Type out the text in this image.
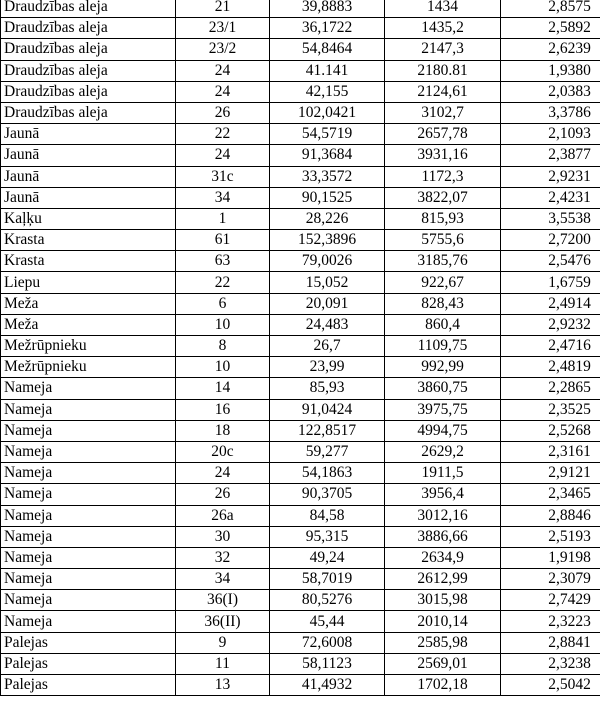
Draudzības aleja	21	39,8883	1434	2,8575
Draudzības aleja	23/1	36,1722	1435,2	2,5892
Draudzības aleja	23/2	54,8464	2147,3	2,6239
Draudzības aleja	24	41.141	2180.81	1,9380
Draudzības aleja	24	42,155	2124,61	2,0383
Draudzības aleja	26	102,0421	3102,7	3,3786
Jaunā	22	54,5719	2657,78	2,1093
Jaunā	24	91,3684	3931,16	2,3877
Jaunā	31c	33,3572	1172,3	2,9231
Jaunā	34	90,1525	3822,07	2,4231
Kaļķu	1	28,226	815,93	3,5538
Krasta	61	152,3896	5755,6	2,7200
Krasta	63	79,0026	3185,76	2,5476
Liepu	22	15,052	922,67	1,6759
Meža	6	20,091	828,43	2,4914
Meža	10	24,483	860,4	2,9232
Mežrūpnieku	8	26,7	1109,75	2,4716
Mežrūpnieku	10	23,99	992,99	2,4819
Nameja	14	85,93	3860,75	2,2865
Nameja	16	91,0424	3975,75	2,3525
Nameja	18	122,8517	4994,75	2,5268
Nameja	20c	59,277	2629,2	2,3161
Nameja	24	54,1863	1911,5	2,9121
Nameja	26	90,3705	3956,4	2,3465
Nameja	26a	84,58	3012,16	2,8846
Nameja	30	95,315	3886,66	2,5193
Nameja	32	49,24	2634,9	1,9198
Nameja	34	58,7019	2612,99	2,3079
Nameja	36(I)	80,5276	3015,98	2,7429
Nameja	36(II)	45,44	2010,14	2,3223
Palejas	9	72,6008	2585,98	2,8841
Palejas	11	58,1123	2569,01	2,3238
Palejas	13	41,4932	1702,18	2,5042
